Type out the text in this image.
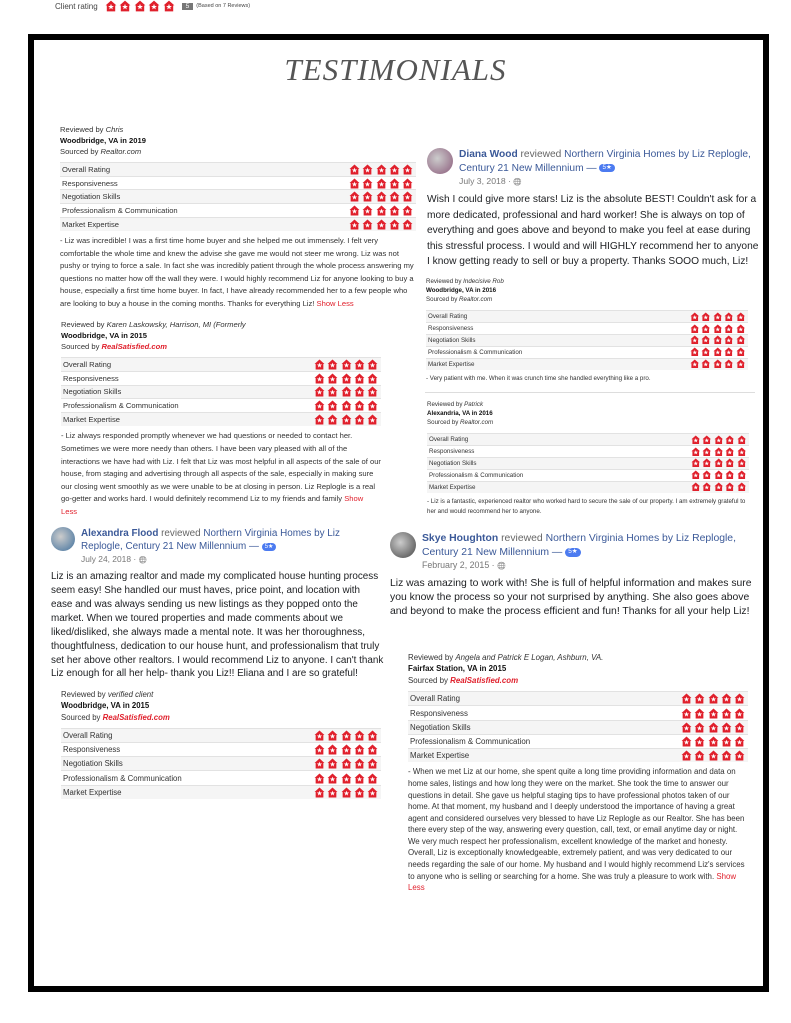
TESTIMONIALS
Client rating	5	(Based on 7 Reviews)
Reviewed by Chris
Woodbridge, VA in 2019
Sourced by Realtor.com
Overall Rating	
Responsiveness	
Negotiation Skills	
Professionalism & Communication	
Market Expertise	
- Liz was incredible! I was a first time home buyer and she helped me out immensely. I felt very comfortable the whole time and knew the advise she gave me would not steer me wrong. Liz was not pushy or trying to force a sale. In fact she was incredibly patient through the whole process answering my questions no matter how off the wall they were. I would highly recommend Liz for anyone looking to buy a house, especially a first time home buyer. In fact, I have already recommended her to a few people who are looking to buy a house in the coming months. Thanks for everything Liz! Show Less
Reviewed by Karen Laskowsky, Harrison, MI (Formerly
Woodbridge, VA in 2015
Sourced by RealSatisfied.com
Overall Rating	
Responsiveness	
Negotiation Skills	
Professionalism & Communication	
Market Expertise	
- Liz always responded promptly whenever we had questions or needed to contact her. Sometimes we were more needy than others. I have been vary pleased with all of the interactions we have had with Liz. I felt that Liz was most helpful in all aspects of the sale of our house, from staging and advertising through all aspects of the sale, especially in making sure our closing went smoothly as we were unable to be at closing in person. Liz Replogle is a real go-getter and works hard. I would definitely recommend Liz to my friends and family Show Less
Reviewed by verified client
Woodbridge, VA in 2015
Sourced by RealSatisfied.com
Overall Rating	
Responsiveness	
Negotiation Skills	
Professionalism & Communication	
Market Expertise	
Reviewed by Indecisive Rob
Woodbridge, VA in 2016
Sourced by Realtor.com
Overall Rating	
Responsiveness	
Negotiation Skills	
Professionalism & Communication	
Market Expertise	
- Very patient with me. When it was crunch time she handled everything like a pro.
Reviewed by Patrick
Alexandria, VA in 2016
Sourced by Realtor.com
Overall Rating	
Responsiveness	
Negotiation Skills	
Professionalism & Communication	
Market Expertise	
- Liz is a fantastic, experienced realtor who worked hard to secure the sale of our property. I am extremely grateful to her and would recommend her to anyone.
Reviewed by Angela and Patrick E Logan, Ashburn, VA.
Fairfax Station, VA in 2015
Sourced by RealSatisfied.com
Overall Rating	
Responsiveness	
Negotiation Skills	
Professionalism & Communication	
Market Expertise	
- When we met Liz at our home, she spent quite a long time providing information and data on home sales, listings and how long they were on the market. She took the time to answer our questions in detail. She gave us helpful staging tips to have professional photos taken of our home. At that moment, my husband and I deeply understood the importance of having a great agent and considered ourselves very blessed to have Liz Replogle as our Realtor. She has been there every step of the way, answering every question, call, text, or email anytime day or night. We very much respect her professionalism, excellent knowledge of the market and honesty. Overall, Liz is exceptionally knowledgeable, extremely patient, and was very dedicated to our needs regarding the sale of our home. My husband and I would highly recommend Liz's services to anyone who is selling or searching for a home. She was truly a pleasure to work with. Show Less
Diana Wood reviewed Northern Virginia Homes by Liz Replogle, Century 21 New Millennium — 5★
July 3, 2018 · 🌐
Wish I could give more stars! Liz is the absolute BEST! Couldn't ask for a more dedicated, professional and hard worker! She is always on top of everything and goes above and beyond to make you feel at ease during this stressful process. I would and will HIGHLY recommend her to anyone I know getting ready to sell or buy a property. Thanks SOOO much, Liz!
Alexandra Flood reviewed Northern Virginia Homes by Liz Replogle, Century 21 New Millennium — 5★
July 24, 2018 · 🌐
Liz is an amazing realtor and made my complicated house hunting process seem easy! She handled our must haves, price point, and location with ease and was always sending us new listings as they popped onto the market. When we toured properties and made comments about we liked/disliked, she always made a mental note. It was her thoroughness, thoughtfulness, dedication to our house hunt, and professionalism that truly set her above other realtors. I would recommend Liz to anyone. I can't thank Liz enough for all her help- thank you Liz!! Eliana and I are so grateful!
Skye Houghton reviewed Northern Virginia Homes by Liz Replogle, Century 21 New Millennium — 5★
February 2, 2015 · 🌐
Liz was amazing to work with! She is full of helpful information and makes sure you know the process so your not surprised by anything. She also goes above and beyond to make the process efficient and fun! Thanks for all your help Liz!
